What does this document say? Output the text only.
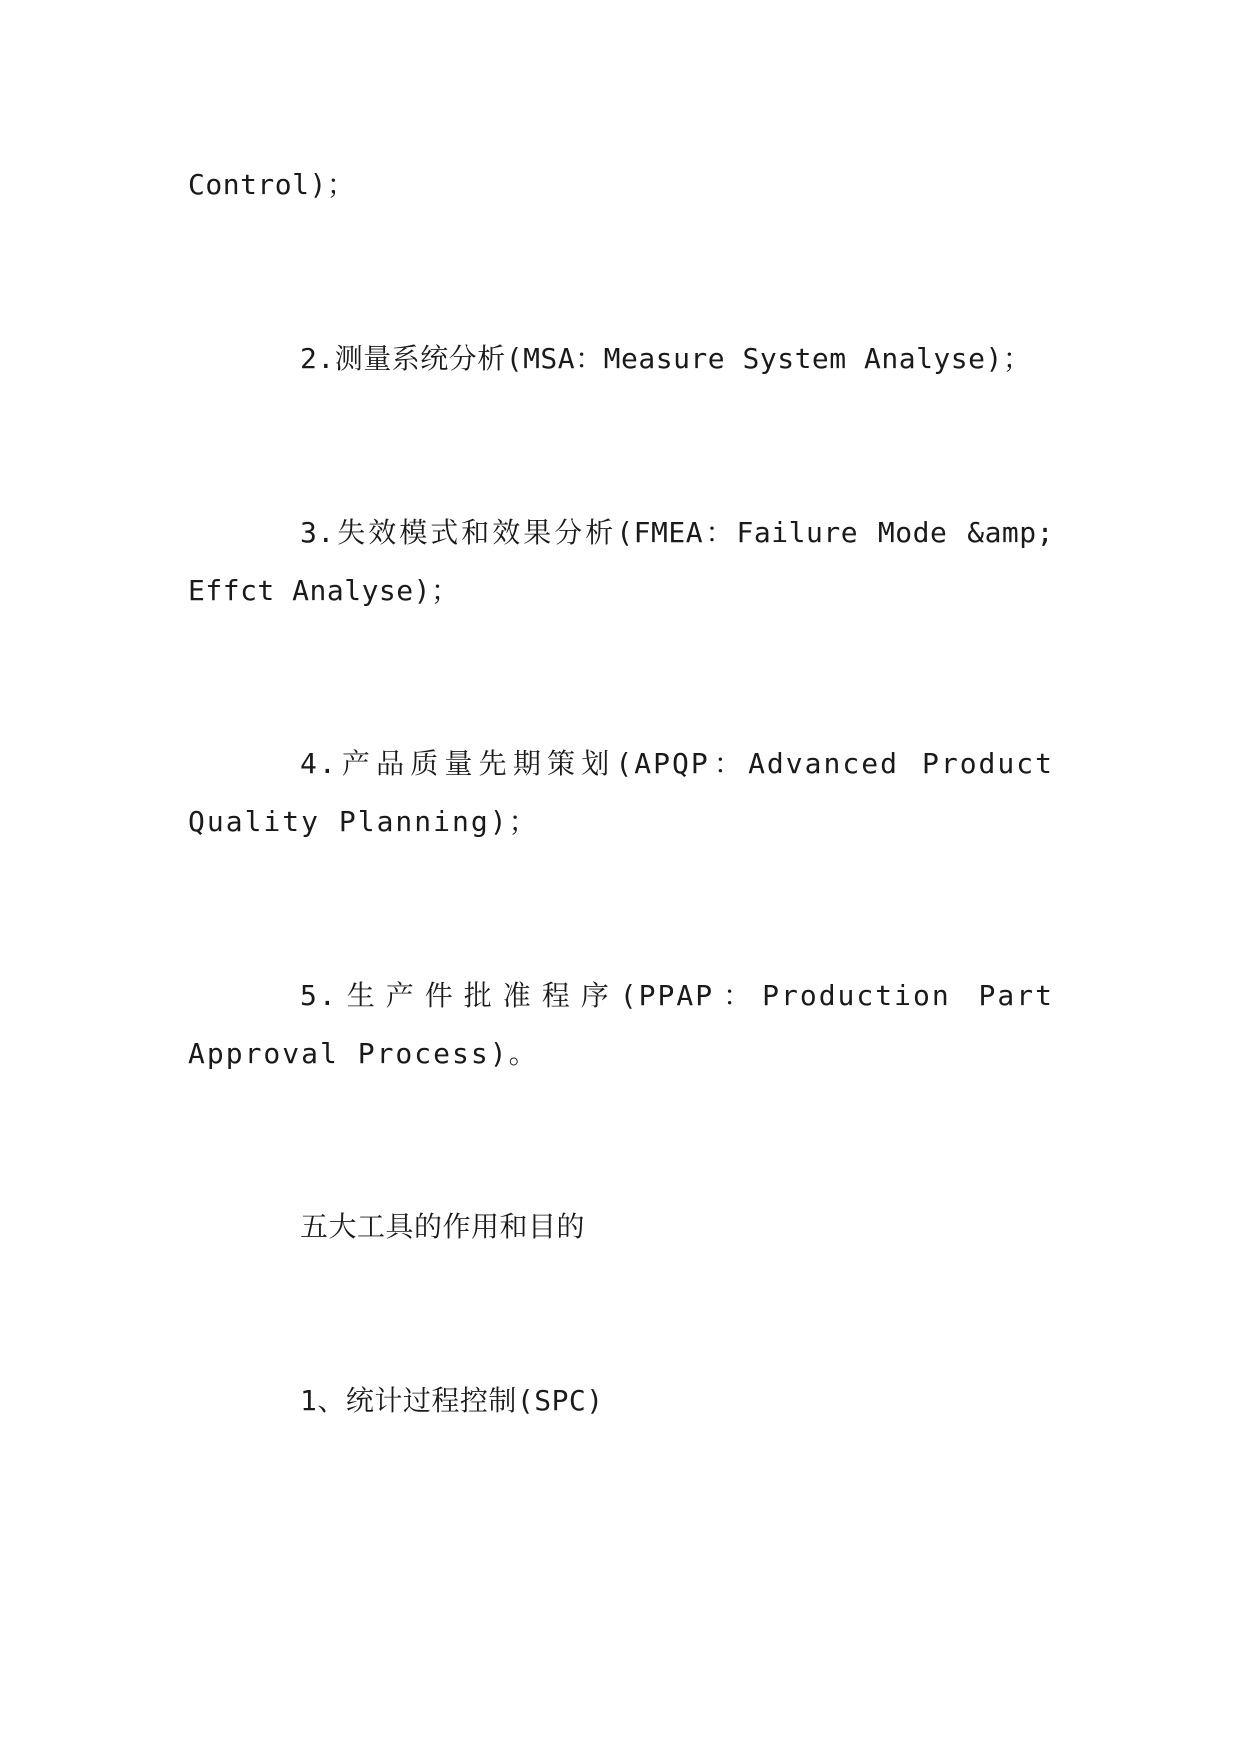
Control)；

2.测量系统分析(MSA：Measure System Analyse)；

3.失效模式和效果分析(FMEA：Failure Mode &amp; Effct Analyse)；

4.产品质量先期策划(APQP：Advanced Product Quality Planning)；

5.生产件批准程序(PPAP：Production Part Approval Process)。

五大工具的作用和目的

1、统计过程控制(SPC)
